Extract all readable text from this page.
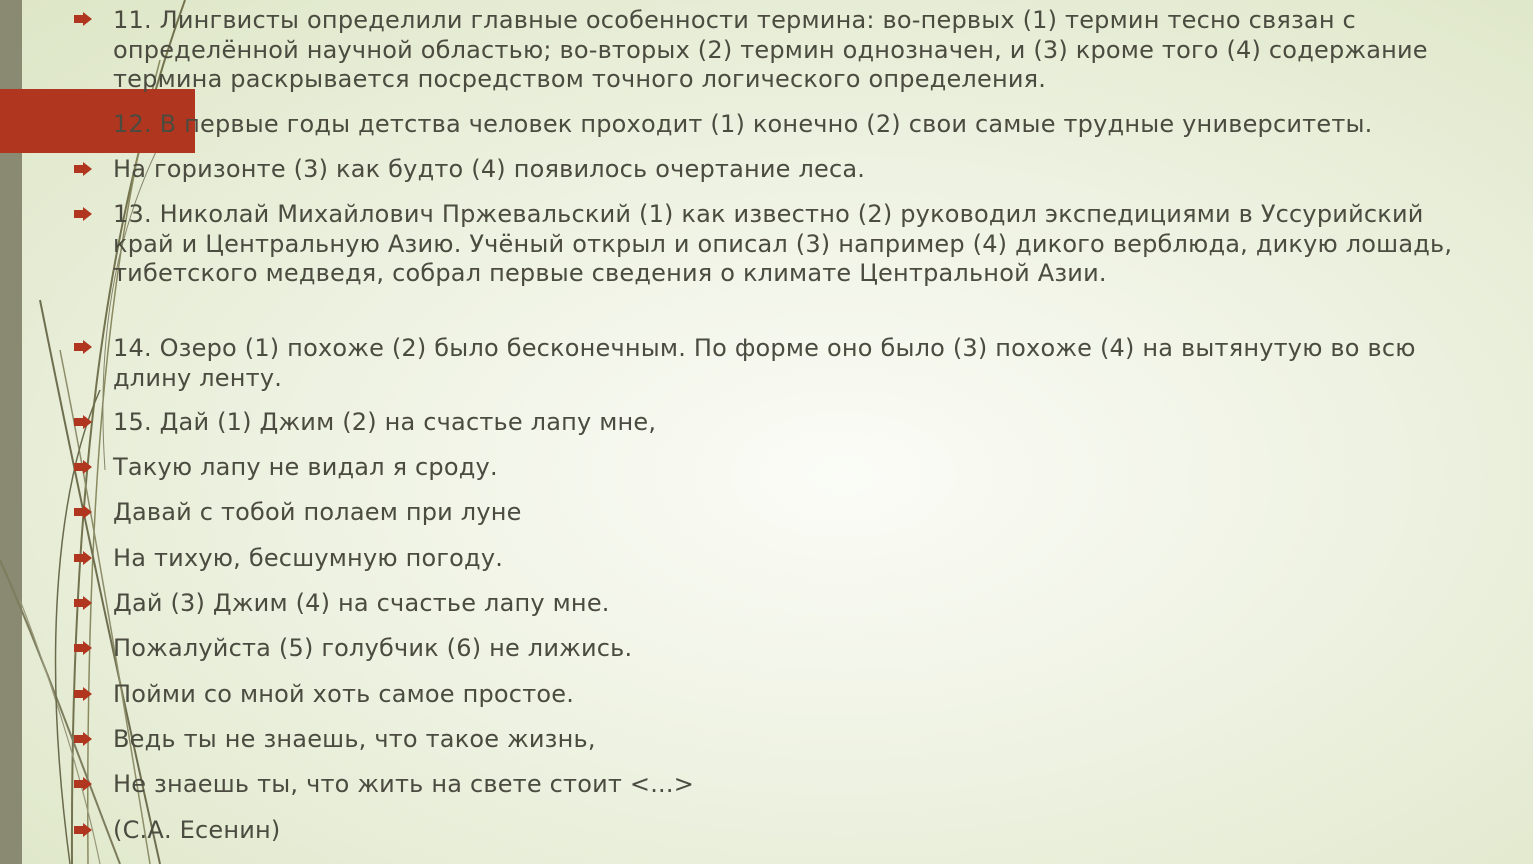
11. Лингвисты определили главные особенности термина: во-первых (1) термин тесно связан с определённой научной областью; во-вторых (2) термин однозначен, и (3) кроме того (4) содержание термина раскрывается посредством точного логического определения.
12. В первые годы детства человек проходит (1) конечно (2) свои самые трудные университеты.
На горизонте (3) как будто (4) появилось очертание леса.
13. Николай Михайлович Пржевальский (1) как известно (2) руководил экспедициями в Уссурийский край и Центральную Азию. Учёный открыл и описал (3) например (4) дикого верблюда, дикую лошадь, тибетского медведя, собрал первые сведения о климате Центральной Азии.
14. Озеро (1) похоже (2) было бесконечным. По форме оно было (3) похоже (4) на вытянутую во всю длину ленту.
15. Дай (1) Джим (2) на счастье лапу мне,
Такую лапу не видал я сроду.
Давай с тобой полаем при луне
На тихую, бесшумную погоду.
Дай (3) Джим (4) на счастье лапу мне.
Пожалуйста (5) голубчик (6) не лижись.
Пойми со мной хоть самое простое.
Ведь ты не знаешь, что такое жизнь,
Не знаешь ты, что жить на свете стоит <...>
(С.А. Есенин)
